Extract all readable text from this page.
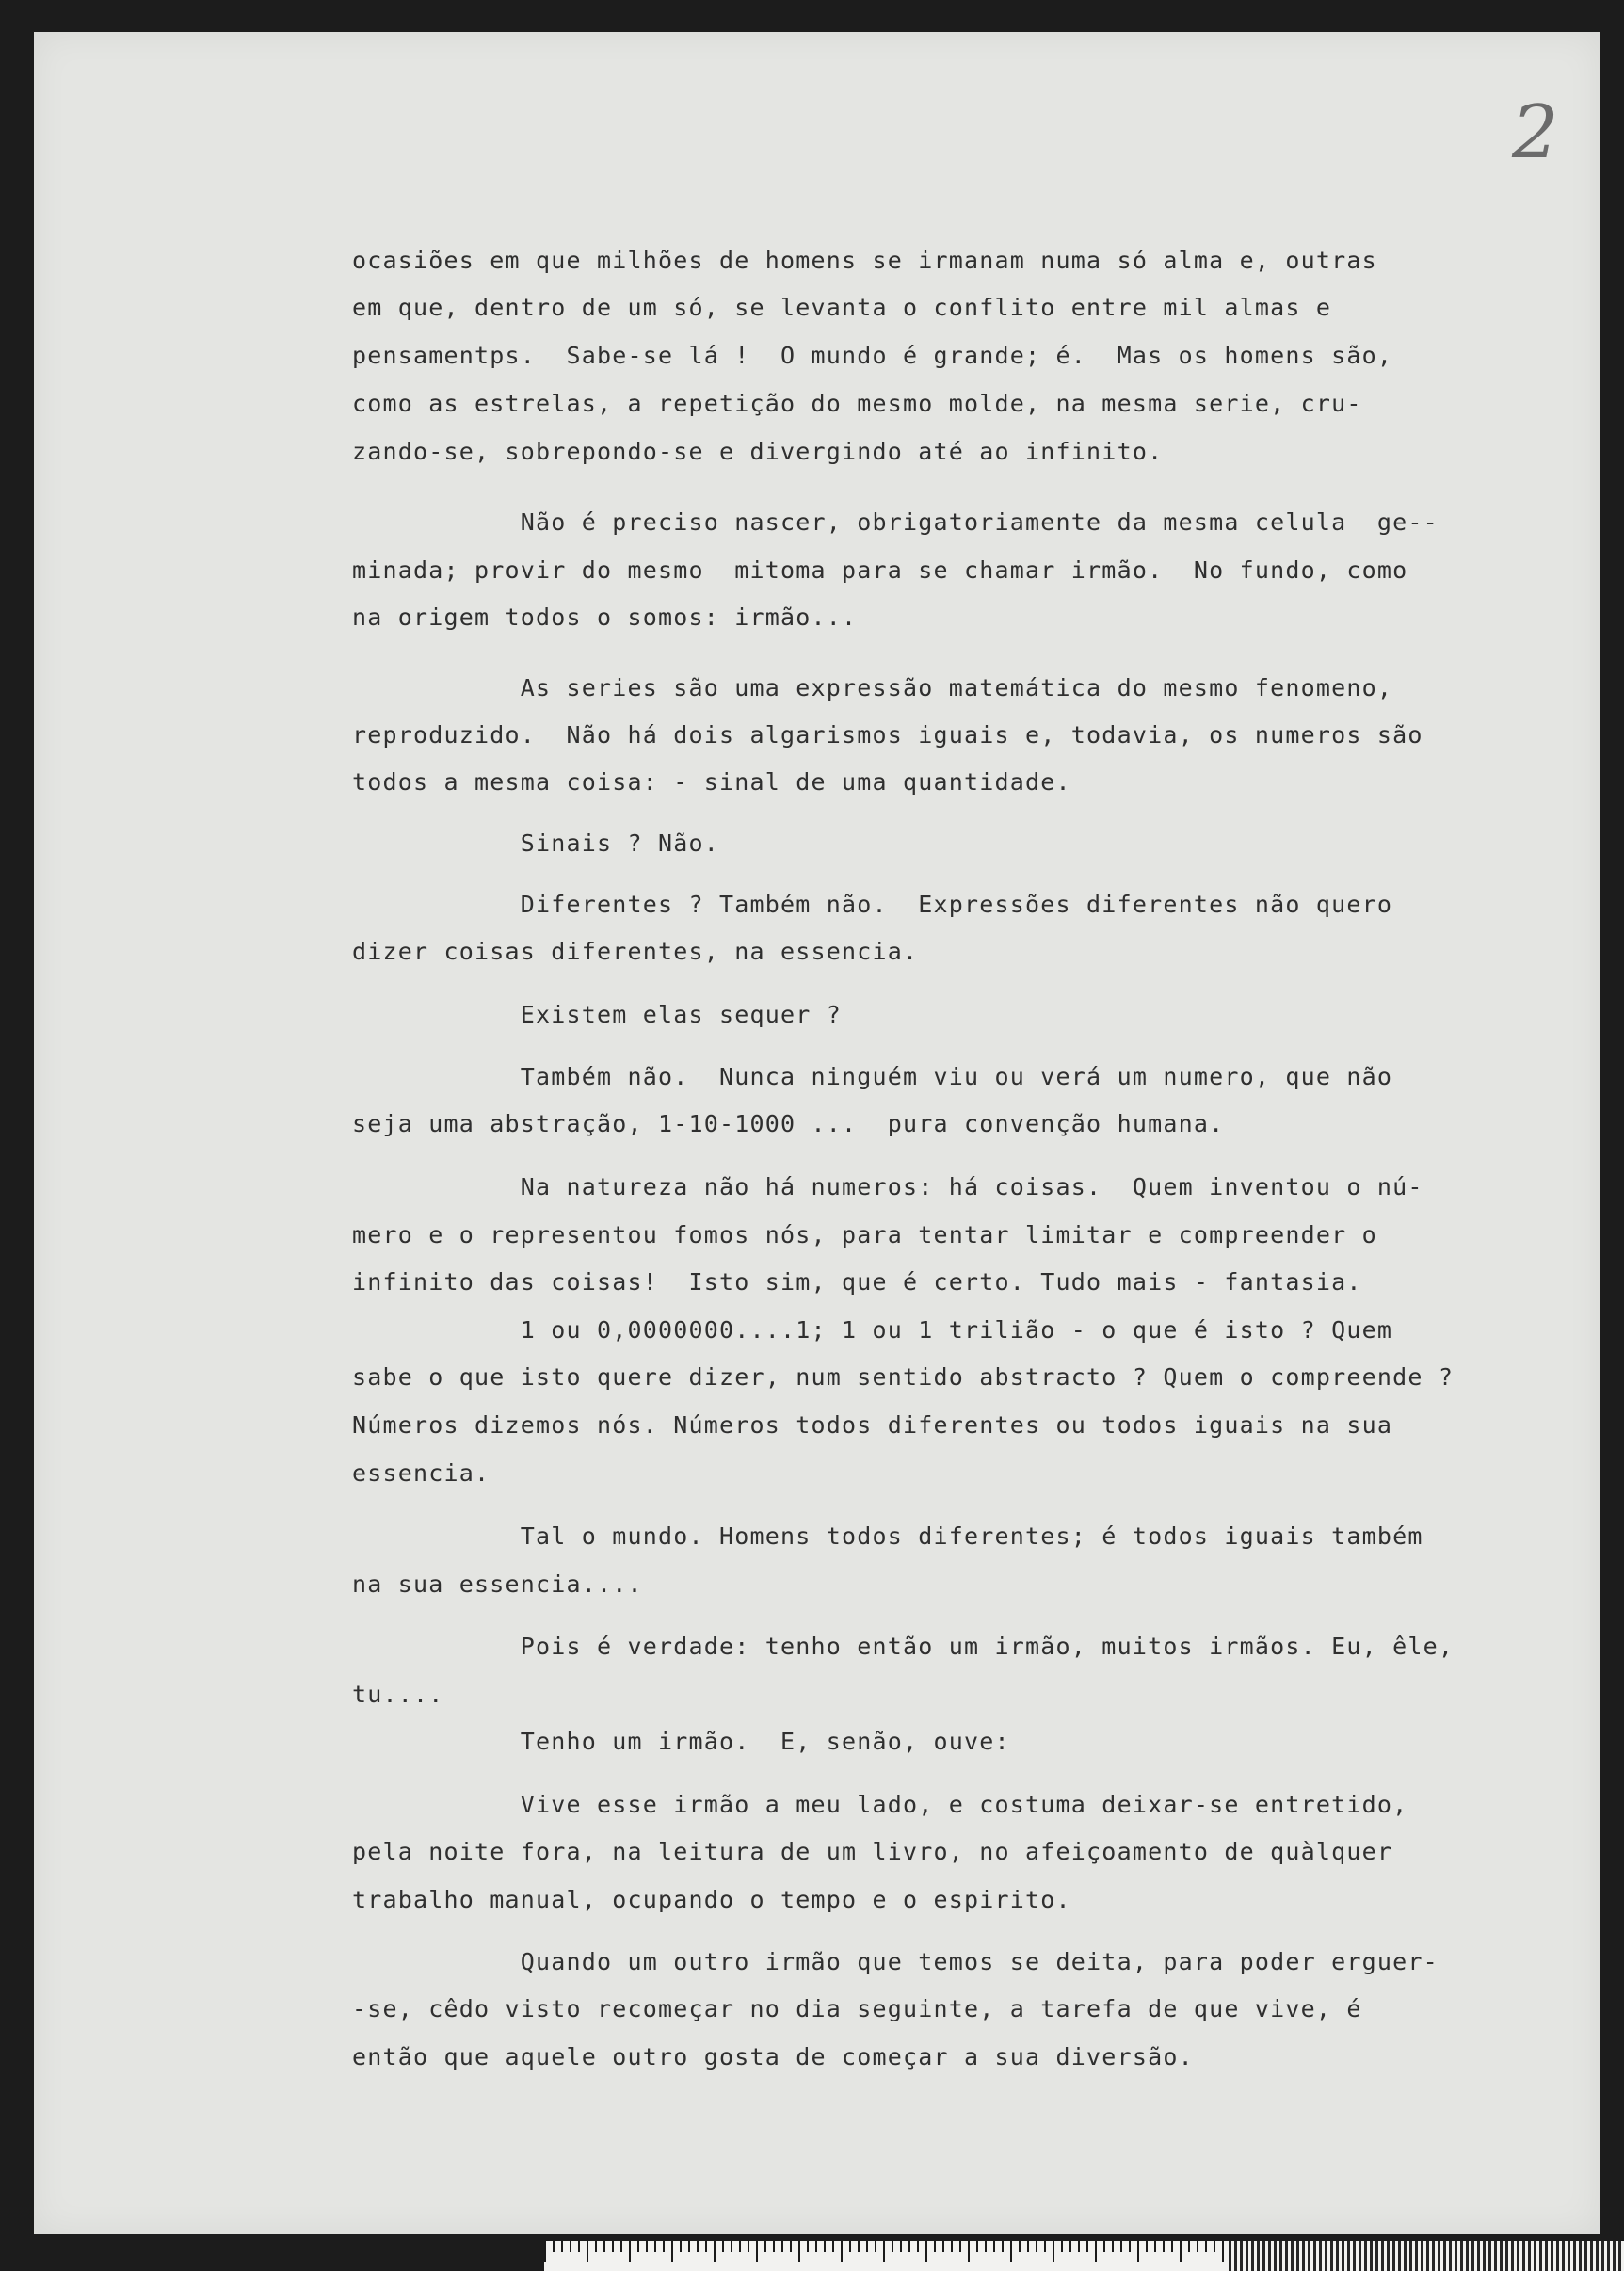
2
ocasiões em que milhões de homens se irmanam numa só alma e, outras
em que, dentro de um só, se levanta o conflito entre mil almas e
pensamentps.  Sabe-se lá !  O mundo é grande; é.  Mas os homens são,
como as estrelas, a repetição do mesmo molde, na mesma serie, cru-
zando-se, sobrepondo-se e divergindo até ao infinito.
Não é preciso nascer, obrigatoriamente da mesma celula  ge--
minada; provir do mesmo  mitoma para se chamar irmão.  No fundo, como
na origem todos o somos: irmão...
As series são uma expressão matemática do mesmo fenomeno,
reproduzido.  Não há dois algarismos iguais e, todavia, os numeros são
todos a mesma coisa: - sinal de uma quantidade.
Sinais ? Não.
Diferentes ? Também não.  Expressões diferentes não quero
dizer coisas diferentes, na essencia.
Existem elas sequer ?
Também não.  Nunca ninguém viu ou verá um numero, que não
seja uma abstração, 1-10-1000 ...  pura convenção humana.
Na natureza não há numeros: há coisas.  Quem inventou o nú-
mero e o representou fomos nós, para tentar limitar e compreender o
infinito das coisas!  Isto sim, que é certo. Tudo mais - fantasia.
1 ou 0,0000000....1; 1 ou 1 trilião - o que é isto ? Quem
sabe o que isto quere dizer, num sentido abstracto ? Quem o compreende ?
Números dizemos nós. Números todos diferentes ou todos iguais na sua
essencia.
Tal o mundo. Homens todos diferentes; é todos iguais também
na sua essencia....
Pois é verdade: tenho então um irmão, muitos irmãos. Eu, êle,
tu....
Tenho um irmão.  E, senão, ouve:
Vive esse irmão a meu lado, e costuma deixar-se entretido,
pela noite fora, na leitura de um livro, no afeiçoamento de quàlquer
trabalho manual, ocupando o tempo e o espirito.
Quando um outro irmão que temos se deita, para poder erguer-
-se, cêdo visto recomeçar no dia seguinte, a tarefa de que vive, é
então que aquele outro gosta de começar a sua diversão.
